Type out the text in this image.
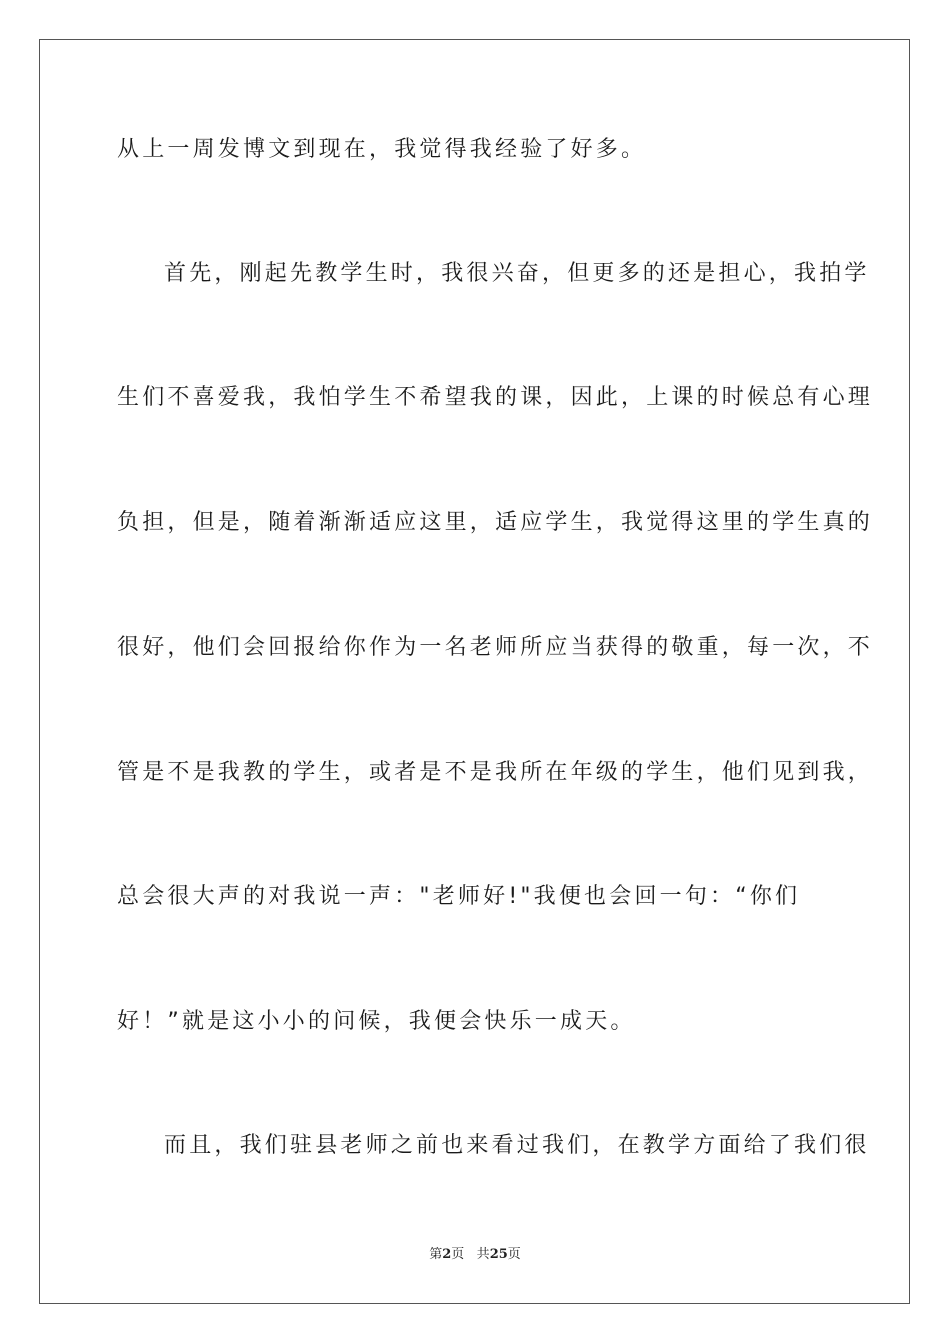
从上一周发博文到现在，我觉得我经验了好多。
首先，刚起先教学生时，我很兴奋，但更多的还是担心，我拍学
生们不喜爱我，我怕学生不希望我的课，因此，上课的时候总有心理
负担，但是，随着渐渐适应这里，适应学生，我觉得这里的学生真的
很好，他们会回报给你作为一名老师所应当获得的敬重，每一次，不
管是不是我教的学生，或者是不是我所在年级的学生，他们见到我，
总会很大声的对我说一声："老师好!"我便也会回一句：“你们
好！”就是这小小的问候，我便会快乐一成天。
而且，我们驻县老师之前也来看过我们，在教学方面给了我们很
第2页 共25页
